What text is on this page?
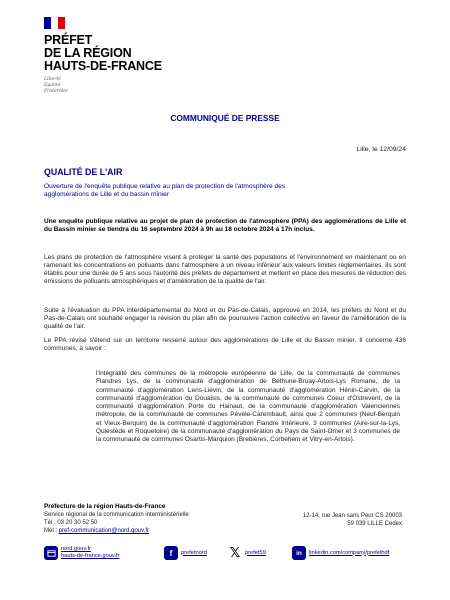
PRÉFET
DE LA RÉGION
HAUTS-DE-FRANCE
Liberté
Égalité
Fraternité
COMMUNIQUÉ DE PRESSE
Lille, le 12/09/24
QUALITÉ DE L'AIR
Ouverture de l'enquête publique relative au plan de protection de l'atmosphère des agglomérations de Lille et du bassin minier
Une enquête publique relative au projet de plan de protection de l'atmosphère (PPA) des agglomérations de Lille et du Bassin minier se tiendra du 16 septembre 2024 à 9h au 18 octobre 2024 à 17h inclus.
Les plans de protection de l'atmosphère visent à protéger la santé des populations et l'environnement en maintenant ou en ramenant les concentrations en polluants dans l'atmosphère à un niveau inférieur aux valeurs limites réglementaires. Ils sont établis pour une durée de 5 ans sous l'autorité des préfets de département et mettent en place des mesures de réduction des émissions de polluants atmosphériques et d'amélioration de la qualité de l'air.
Suite à l'évaluation du PPA interdépartemental du Nord et du Pas-de-Calais, approuvé en 2014, les préfets du Nord et du Pas-de-Calais ont souhaité engager la révision du plan afin de poursuivre l'action collective en faveur de l'amélioration de la qualité de l'air.
Le PPA révisé s'étend sur un territoire resserré autour des agglomérations de Lille et du Bassin minier. Il concerne 436 communes, à savoir :

l'intégralité des communes de la métropole européenne de Lille, de la communauté de communes Flandres Lys, de la communauté d'agglomération de Béthune-Bruay-Artois-Lys Romane, de la communauté d'agglomération Lens-Liévin, de la communauté d'agglomération Hénin-Carvin, de la communauté d'agglomération du Douaisis, de la communauté de communes Coeur d'Ostrevent, de la communauté d'agglomération Porte du Hainaut, de la communauté d'agglomération Valenciennes métropole, de la communauté de communes Pévèle-Carembault, ainsi que 2 communes (Neuf-Berquin et Vieux-Berquin) de la communauté d'agglomération Flandre Intérieure, 3 communes (Aire-sur-la-Lys, Quiestède et Roquetoire) de la communauté d'agglomération du Pays de Saint-Omer et 3 communes de la communauté de communes Osartis-Marquion (Brebières, Corbehem et Vitry-en-Artois).

Préfecture de la région Hauts-de-France
Service régional de la communication interministérielle
Tél : 03 20 30 52 50
Mél : pref-communication@nord.gouv.fr
12-14, rue Jean sans Peur CS 20003
59 039 LILLE Cedex
nord.gouv.fr
hauts-de-france.gouv.fr	f	prefetnord 𝕏 prefet59	in	linkedin.com/company/prefethdf
